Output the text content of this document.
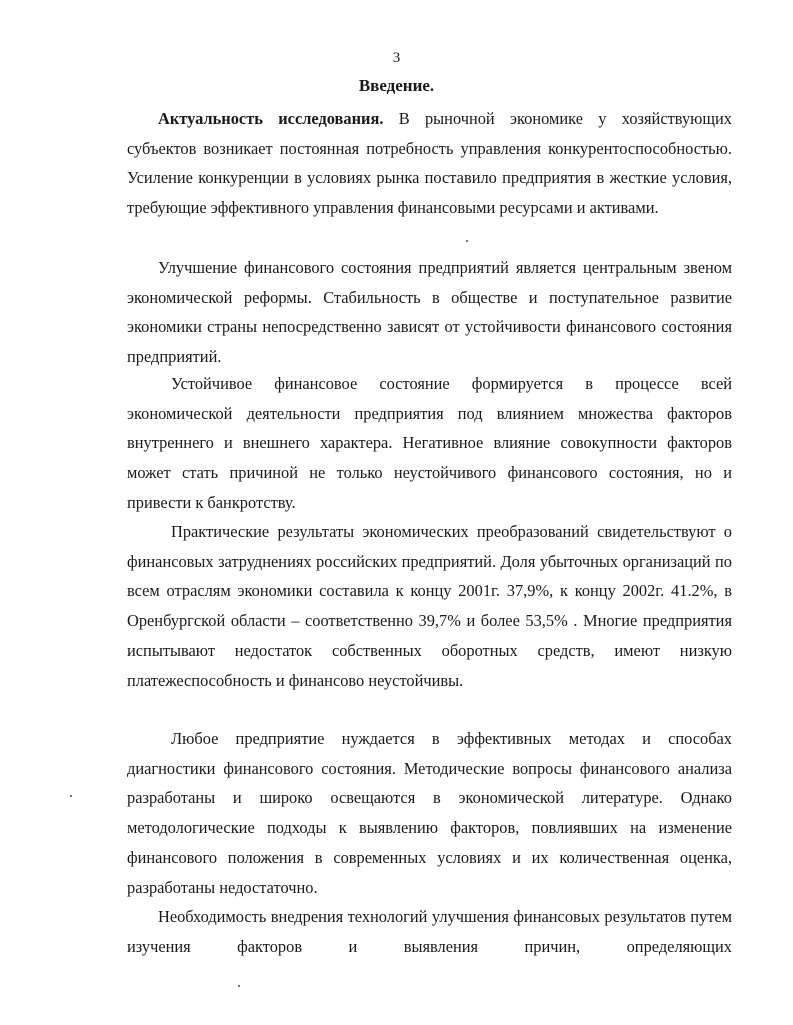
3
Введение.

Актуальность исследования. В рыночной экономике у хозяйствующих субъектов возникает постоянная потребность управления конкурентоспособностью. Усиление конкуренции в условиях рынка поставило предприятия в жесткие условия, требующие эффективного управления финансовыми ресурсами и активами.

Улучшение финансового состояния предприятий является центральным звеном экономической реформы. Стабильность в обществе и поступательное развитие экономики страны непосредственно зависят от устойчивости финансового состояния предприятий.

Устойчивое финансовое состояние формируется в процессе всей экономической деятельности предприятия под влиянием множества факторов внутреннего и внешнего характера. Негативное влияние совокупности факторов может стать причиной не только неустойчивого финансового состояния, но и привести к банкротству.

Практические результаты экономических преобразований свидетельствуют о финансовых затруднениях российских предприятий. Доля убыточных организаций по всем отраслям экономики составила к концу 2001г. 37,9%, к концу 2002г. 41.2%, в Оренбургской области – соответственно 39,7% и более 53,5% . Многие предприятия испытывают недостаток собственных оборотных средств, имеют низкую платежеспособность и финансово неустойчивы.

Любое предприятие нуждается в эффективных методах и способах диагностики финансового состояния. Методические вопросы финансового анализа разработаны и широко освещаются в экономической литературе. Однако методологические подходы к выявлению факторов, повлиявших на изменение финансового положения в современных условиях и их количественная оценка, разработаны недостаточно.

Необходимость внедрения технологий улучшения финансовых результатов путем изучения факторов и выявления причин, определяющих
